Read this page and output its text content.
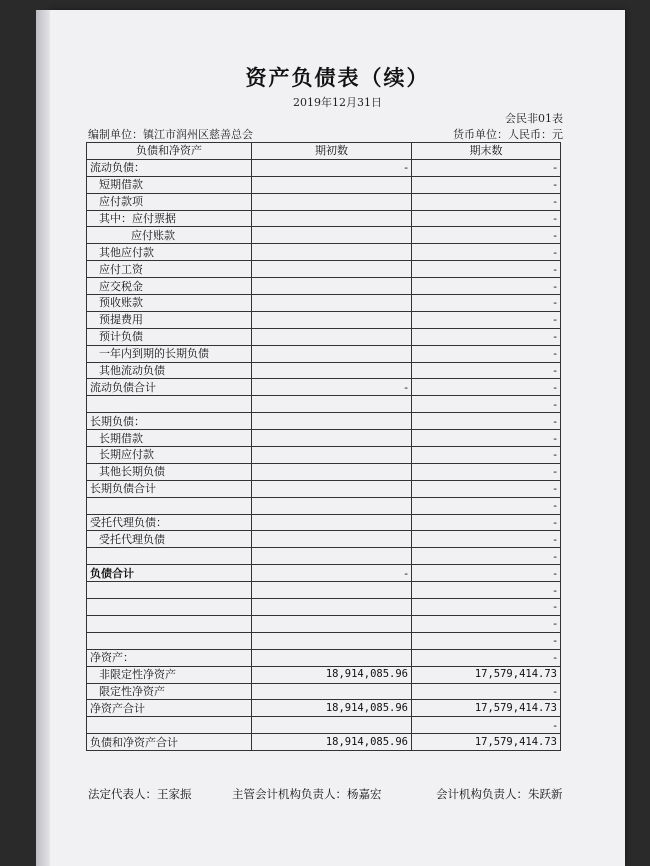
资产负债表（续）
2019年12月31日
会民非01表
编制单位：镇江市润州区慈善总会	货币单位：人民币：元
负债和净资产	期初数	期末数
流动负债：	-	-
短期借款		-
应付款项		-
其中：应付票据		-
应付账款		-
其他应付款		-
应付工资		-
应交税金		-
预收账款		-
预提费用		-
预计负债		-
一年内到期的长期负债		-
其他流动负债		-
流动负债合计	-	-
		-
长期负债：		-
长期借款		-
长期应付款		-
其他长期负债		-
长期负债合计		-
		-
受托代理负债：		-
受托代理负债		-
		-
负债合计	-	-
		-
		-
		-
		-
净资产：		-
非限定性净资产	18,914,085.96	17,579,414.73
限定性净资产		-
净资产合计	18,914,085.96	17,579,414.73
		-
负债和净资产合计	18,914,085.96	17,579,414.73
法定代表人：王家振	主管会计机构负责人：杨嘉宏	会计机构负责人：朱跃新
